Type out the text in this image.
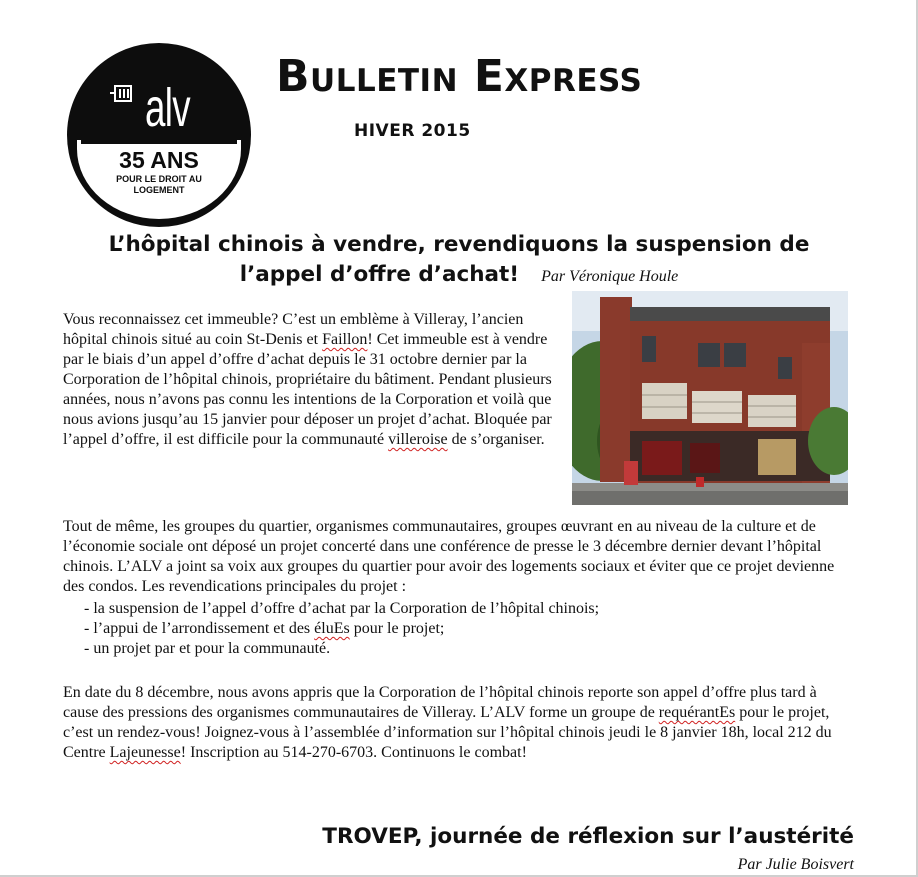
alv
35 ANS
POUR LE DROIT AU
LOGEMENT
Bulletin Express
HIVER 2015
L’hôpital chinois à vendre, revendiquons la suspension de
l’appel d’offre d’achat! Par Véronique Houle

Vous reconnaissez cet immeuble? C’est un emblème à Villeray, l’ancien hôpital chinois situé au coin St-Denis et Faillon! Cet immeuble est à vendre par le biais d’un appel d’offre d’achat depuis le 31 octobre dernier par la Corporation de l’hôpital chinois, propriétaire du bâtiment. Pendant plusieurs années, nous n’avons pas connu les intentions de la Corporation et voilà que nous avions jusqu’au 15 janvier pour déposer un projet d’achat. Bloquée par l’appel d’offre, il est difficile pour la communauté villeroise de s’organiser.

Tout de même, les groupes du quartier, organismes communautaires, groupes œuvrant en au niveau de la culture et de l’économie sociale ont déposé un projet concerté dans une conférence de presse le 3 décembre dernier devant l’hôpital chinois. L’ALV a joint sa voix aux groupes du quartier pour avoir des logements sociaux et éviter que ce projet devienne des condos. Les revendications principales du projet :

- la suspension de l’appel d’offre d’achat par la Corporation de l’hôpital chinois;
- l’appui de l’arrondissement et des éluEs pour le projet;
- un projet par et pour la communauté.

En date du 8 décembre, nous avons appris que la Corporation de l’hôpital chinois reporte son appel d’offre plus tard à cause des pressions des organismes communautaires de Villeray. L’ALV forme un groupe de requérantEs pour le projet, c’est un rendez-vous! Joignez-vous à l’assemblée d’information sur l’hôpital chinois jeudi le 8 janvier 18h, local 212 du Centre Lajeunesse! Inscription au 514-270-6703. Continuons le combat!

TROVEP, journée de réflexion sur l’austérité
Par Julie Boisvert
